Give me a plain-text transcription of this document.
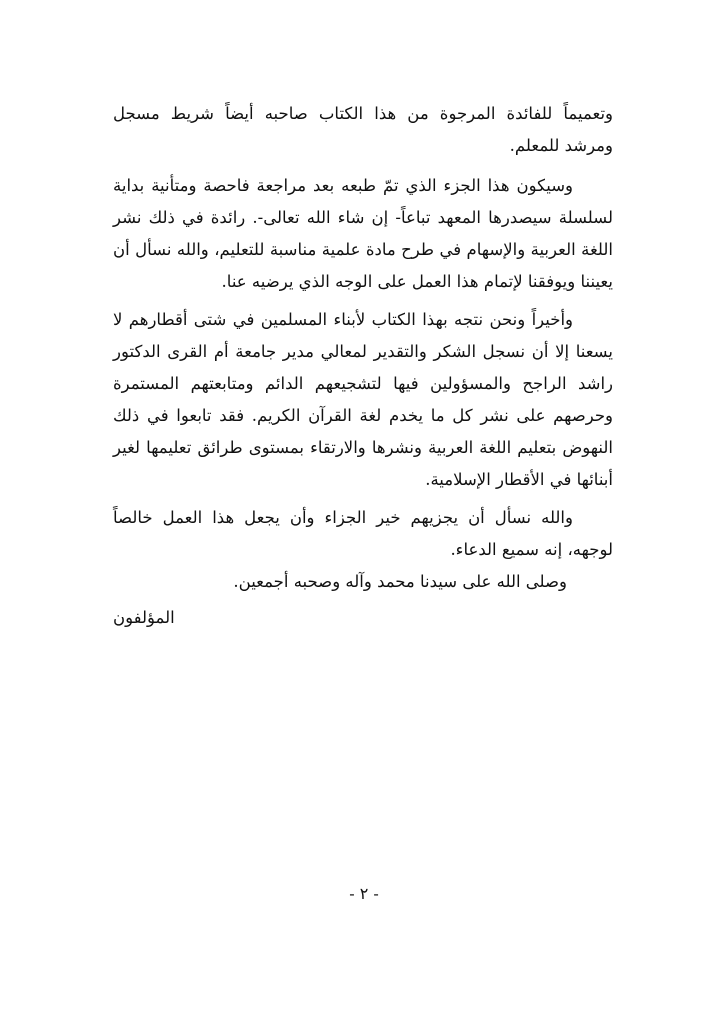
وتعميماً للفائدة المرجوة من هذا الكتاب صاحبه أيضاً شريط مسجل ومرشد للمعلم.

وسيكون هذا الجزء الذي تمّ طبعه بعد مراجعة فاحصة ومتأنية بداية لسلسلة سيصدرها المعهد تباعاً- إن شاء الله تعالى-. رائدة في ذلك نشر اللغة العربية والإسهام في طرح مادة علمية مناسبة للتعليم، والله نسأل أن يعيننا ويوفقنا لإتمام هذا العمل على الوجه الذي يرضيه عنا.

وأخيراً ونحن نتجه بهذا الكتاب لأبناء المسلمين في شتى أقطارهم لا يسعنا إلا أن نسجل الشكر والتقدير لمعالي مدير جامعة أم القرى الدكتور راشد الراجح والمسؤولين فيها لتشجيعهم الدائم ومتابعتهم المستمرة وحرصهم على نشر كل ما يخدم لغة القرآن الكريم. فقد تابعوا في ذلك النهوض بتعليم اللغة العربية ونشرها والارتقاء بمستوى طرائق تعليمها لغير أبنائها في الأقطار الإسلامية.

والله نسأل أن يجزيهم خير الجزاء وأن يجعل هذا العمل خالصاً لوجهه، إنه سميع الدعاء.

وصلى الله على سيدنا محمد وآله وصحبه أجمعين.

المؤلفون

- ٢ -
